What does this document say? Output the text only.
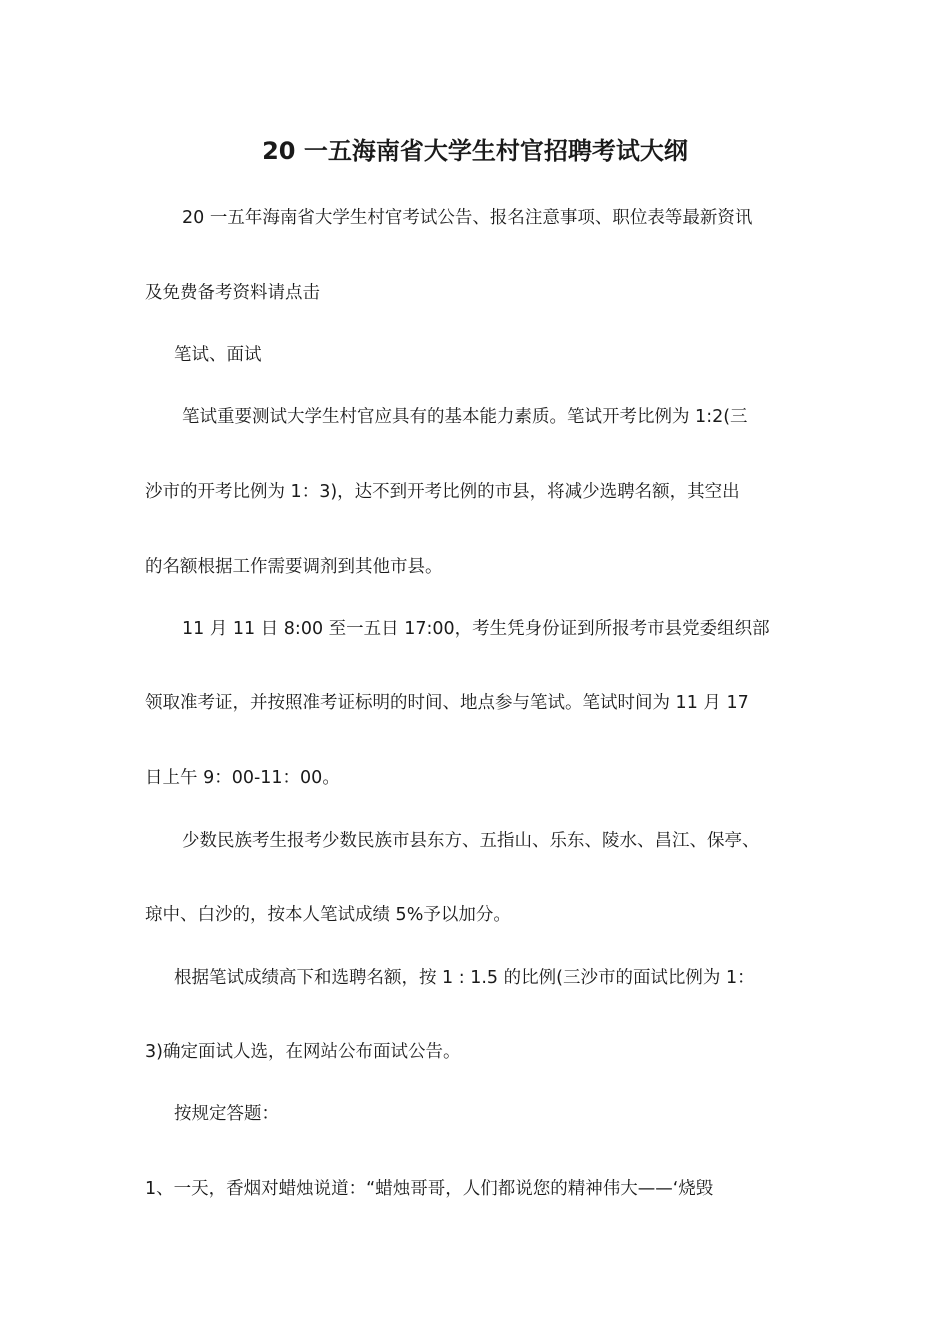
20 一五海南省大学生村官招聘考试大纲
20 一五年海南省大学生村官考试公告、报名注意事项、职位表等最新资讯
及免费备考资料请点击
笔试、面试
笔试重要测试大学生村官应具有的基本能力素质。笔试开考比例为 1:2(三
沙市的开考比例为 1：3)，达不到开考比例的市县，将减少选聘名额，其空出
的名额根据工作需要调剂到其他市县。
11 月 11 日 8:00 至一五日 17:00，考生凭身份证到所报考市县党委组织部
领取准考证，并按照准考证标明的时间、地点参与笔试。笔试时间为 11 月 17
日上午 9：00-11：00。
少数民族考生报考少数民族市县东方、五指山、乐东、陵水、昌江、保亭、
琼中、白沙的，按本人笔试成绩 5%予以加分。
根据笔试成绩高下和选聘名额，按 1 : 1.5 的比例(三沙市的面试比例为 1：
3)确定面试人选，在网站公布面试公告。
按规定答题：
1、一天，香烟对蜡烛说道：“蜡烛哥哥，人们都说您的精神伟大——‘烧毁
